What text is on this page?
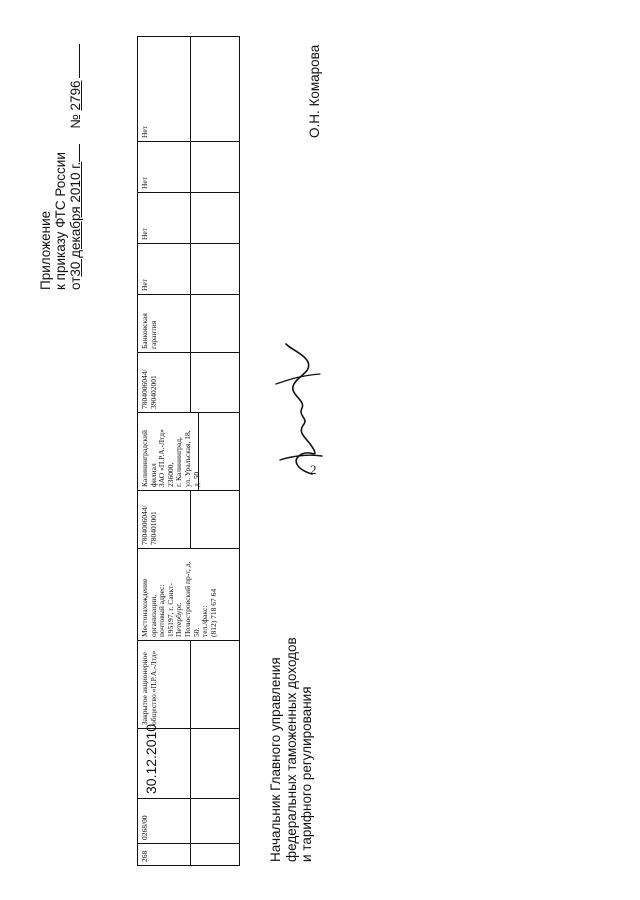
2
268
0268/00
30.12.2010
Закрытое акционерное общество «П.Р.А.-Лтд»
Местонахождение организации, почтовый адрес: 195197, г. Санкт-Петербург, Полюстровский пр-т, д. 50. тел./факс: (812) 718 67 64
7804006044/ 780401001
Калининградский филиал ЗАО «П.Р.А.-Лтд» 236000, г. Калининград, ул. Уральская, 18, д. 50.
7804006044/ 390402001
Банковская гарантия
Нет
Нет
Нет
Нет
Приложение к приказу ФТС России от30 декабря 2010 г.    № 2796
Начальник Главного управления федеральных таможенных доходов и тарифного регулирования
О.Н. Комарова
